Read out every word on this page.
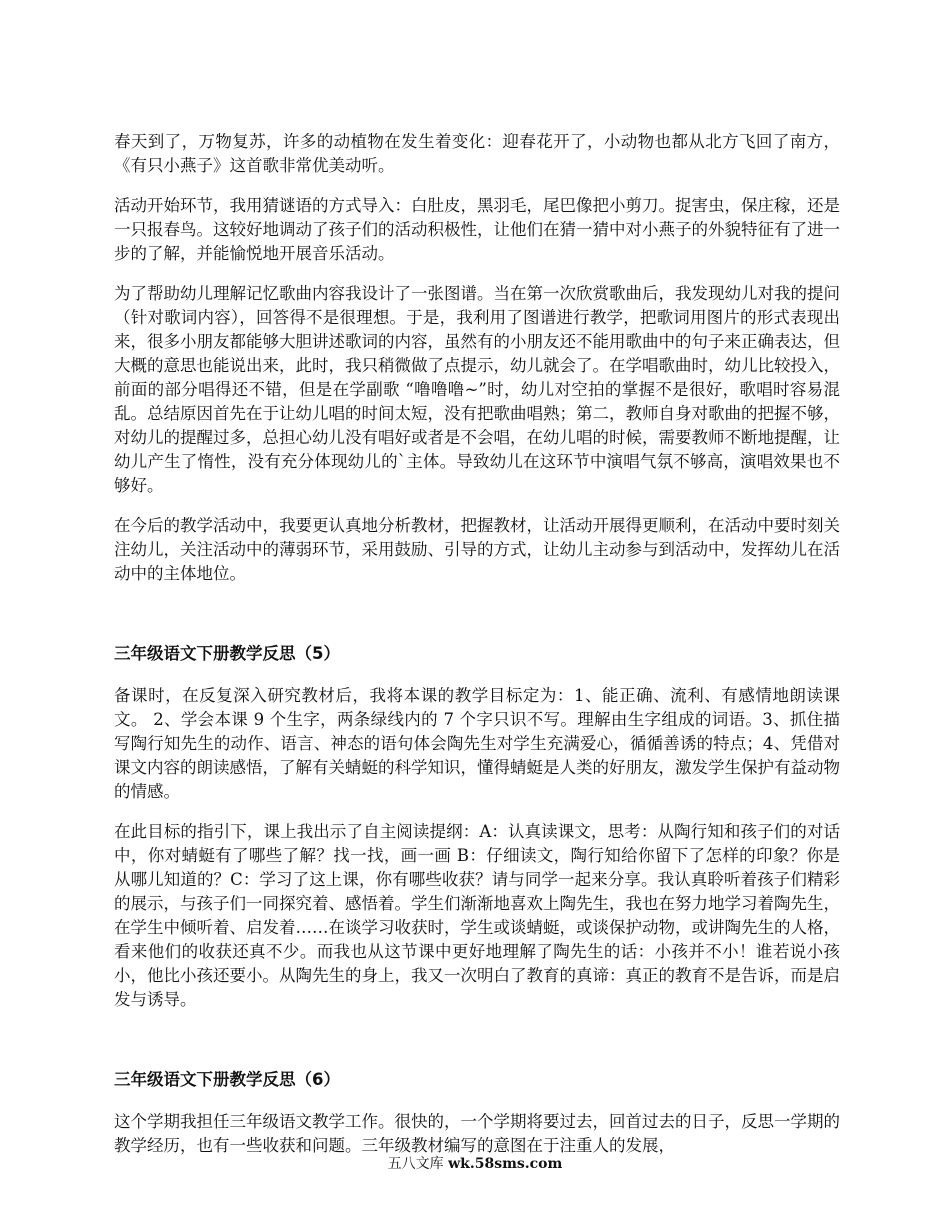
春天到了，万物复苏，许多的动植物在发生着变化：迎春花开了，小动物也都从北方飞回了南方，《有只小燕子》这首歌非常优美动听。

活动开始环节，我用猜谜语的方式导入：白肚皮，黑羽毛，尾巴像把小剪刀。捉害虫，保庄稼，还是一只报春鸟。这较好地调动了孩子们的活动积极性，让他们在猜一猜中对小燕子的外貌特征有了进一步的了解，并能愉悦地开展音乐活动。

为了帮助幼儿理解记忆歌曲内容我设计了一张图谱。当在第一次欣赏歌曲后，我发现幼儿对我的提问（针对歌词内容），回答得不是很理想。于是，我利用了图谱进行教学，把歌词用图片的形式表现出来，很多小朋友都能够大胆讲述歌词的内容，虽然有的小朋友还不能用歌曲中的句子来正确表达，但大概的意思也能说出来，此时，我只稍微做了点提示，幼儿就会了。在学唱歌曲时，幼儿比较投入，前面的部分唱得还不错，但是在学副歌 “噜噜噜~”时，幼儿对空拍的掌握不是很好，歌唱时容易混乱。总结原因首先在于让幼儿唱的时间太短，没有把歌曲唱熟；第二，教师自身对歌曲的把握不够，对幼儿的提醒过多，总担心幼儿没有唱好或者是不会唱，在幼儿唱的时候，需要教师不断地提醒，让幼儿产生了惰性，没有充分体现幼儿的`主体。导致幼儿在这环节中演唱气氛不够高，演唱效果也不够好。

在今后的教学活动中，我要更认真地分析教材，把握教材，让活动开展得更顺利，在活动中要时刻关注幼儿，关注活动中的薄弱环节，采用鼓励、引导的方式，让幼儿主动参与到活动中，发挥幼儿在活动中的主体地位。

三年级语文下册教学反思（5）

备课时，在反复深入研究教材后，我将本课的教学目标定为：1、能正确、流利、有感情地朗读课文。 2、学会本课 9 个生字，两条绿线内的 7 个字只识不写。理解由生字组成的词语。3、抓住描写陶行知先生的动作、语言、神态的语句体会陶先生对学生充满爱心，循循善诱的特点；4、凭借对课文内容的朗读感悟，了解有关蜻蜓的科学知识，懂得蜻蜓是人类的好朋友，激发学生保护有益动物的情感。

在此目标的指引下，课上我出示了自主阅读提纲：A：认真读课文，思考：从陶行知和孩子们的对话中，你对蜻蜓有了哪些了解？找一找，画一画 B：仔细读文，陶行知给你留下了怎样的印象？你是从哪儿知道的？C：学习了这上课，你有哪些收获？请与同学一起来分享。我认真聆听着孩子们精彩的展示，与孩子们一同探究着、感悟着。学生们渐渐地喜欢上陶先生，我也在努力地学习着陶先生，在学生中倾听着、启发着……在谈学习收获时，学生或谈蜻蜓，或谈保护动物，或讲陶先生的人格，看来他们的收获还真不少。而我也从这节课中更好地理解了陶先生的话：小孩并不小！谁若说小孩小，他比小孩还要小。从陶先生的身上，我又一次明白了教育的真谛：真正的教育不是告诉，而是启发与诱导。

三年级语文下册教学反思（6）

这个学期我担任三年级语文教学工作。很快的，一个学期将要过去，回首过去的日子，反思一学期的教学经历，也有一些收获和问题。三年级教材编写的意图在于注重人的发展，

五八文库 wk.58sms.com
